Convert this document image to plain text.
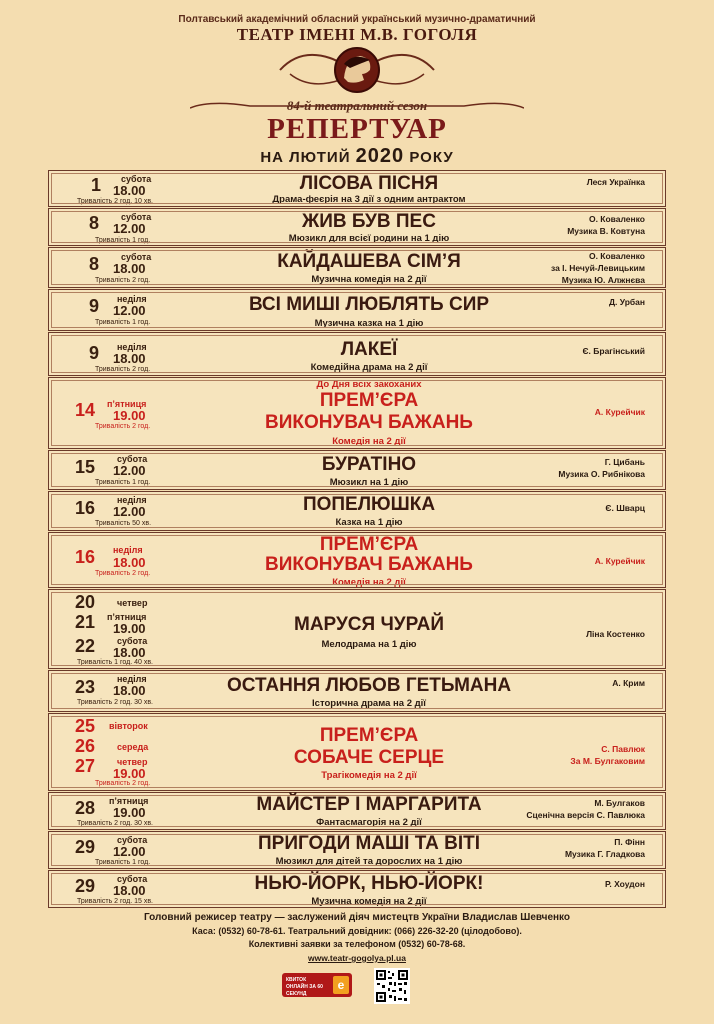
Полтавський академічний обласний український музично-драматичний
ТЕАТР ІМЕНІ М.В. ГОГОЛЯ
84-й театральний сезон
РЕПЕРТУАР
НА ЛЮТИЙ 2020 РОКУ
1 субота
18.00
Тривалість 2 год. 10 хв.
ЛІСОВА ПІСНЯ
Драма-феєрія на 3 дії з одним антрактом
Леся Українка
8 субота
12.00
Тривалість 1 год.
ЖИВ БУВ ПЕС
Мюзикл для всієї родини на 1 дію
О. Коваленко
Музика В. Ковтуна
8 субота
18.00
Тривалість 2 год.
КАЙДАШЕВА СІМ’Я
Музична комедія на 2 дії
О. Коваленко
за І. Нечуй-Левицьким
Музика Ю. Алжнєва
9 неділя
12.00
Тривалість 1 год.
ВСІ МИШІ ЛЮБЛЯТЬ СИР
Музична казка на 1 дію
Д. Урбан
9 неділя
18.00
Тривалість 2 год.
ЛАКЕЇ
Комедійна драма на 2 дії
Є. Брагінський
До Дня всіх закоханих
14 п’ятниця
19.00
Тривалість 2 год.
ПРЕМ’ЄРА
ВИКОНУВАЧ БАЖАНЬ
Комедія на 2 дії
А. Курейчик
15 субота
12.00
Тривалість 1 год.
БУРАТІНО
Мюзикл на 1 дію
Г. Цибань
Музика О. Рибнікова
16 неділя
12.00
Тривалість 50 хв.
ПОПЕЛЮШКА
Казка на 1 дію
Є. Шварц
16 неділя
18.00
Тривалість 2 год.
ПРЕМ’ЄРА
ВИКОНУВАЧ БАЖАНЬ
Комедія на 2 дії
А. Курейчик
20 четвер
21 п’ятниця
19.00
22 субота
18.00
Тривалість 1 год. 40 хв.
МАРУСЯ ЧУРАЙ
Мелодрама на 1 дію
Ліна Костенко
23 неділя
18.00
Тривалість 2 год. 30 хв.
ОСТАННЯ ЛЮБОВ ГЕТЬМАНА
Історична драма на 2 дії
А. Крим
25 вівторок
26 середа
27 четвер
19.00
Тривалість 2 год.
ПРЕМ’ЄРА
СОБАЧЕ СЕРЦЕ
Трагікомедія на 2 дії
С. Павлюк
За М. Булгаковим
28 п’ятниця
19.00
Тривалість 2 год. 30 хв.
МАЙСТЕР І МАРГАРИТА
Фантасмагорія на 2 дії
М. Булгаков
Сценічна версія С. Павлюка
29 субота
12.00
Тривалість 1 год.
ПРИГОДИ МАШІ ТА ВІТІ
Мюзикл для дітей та дорослих на 1 дію
П. Фінн
Музика Г. Гладкова
29 субота
18.00
Тривалість 2 год. 15 хв.
НЬЮ-ЙОРК, НЬЮ-ЙОРК!
Музична комедія на 2 дії
Р. Хоудон
Головний режисер театру — заслужений діяч мистецтв України Владислав Шевченко
Каса: (0532) 60-78-61. Театральний довідник: (066) 226-32-20 (цілодобово).
Колективні заявки за телефоном (0532) 60-78-68.
www.teatr-gogolya.pl.ua
КВИТОК ОНЛАЙН ЗА 60 СЕКУНД
e
